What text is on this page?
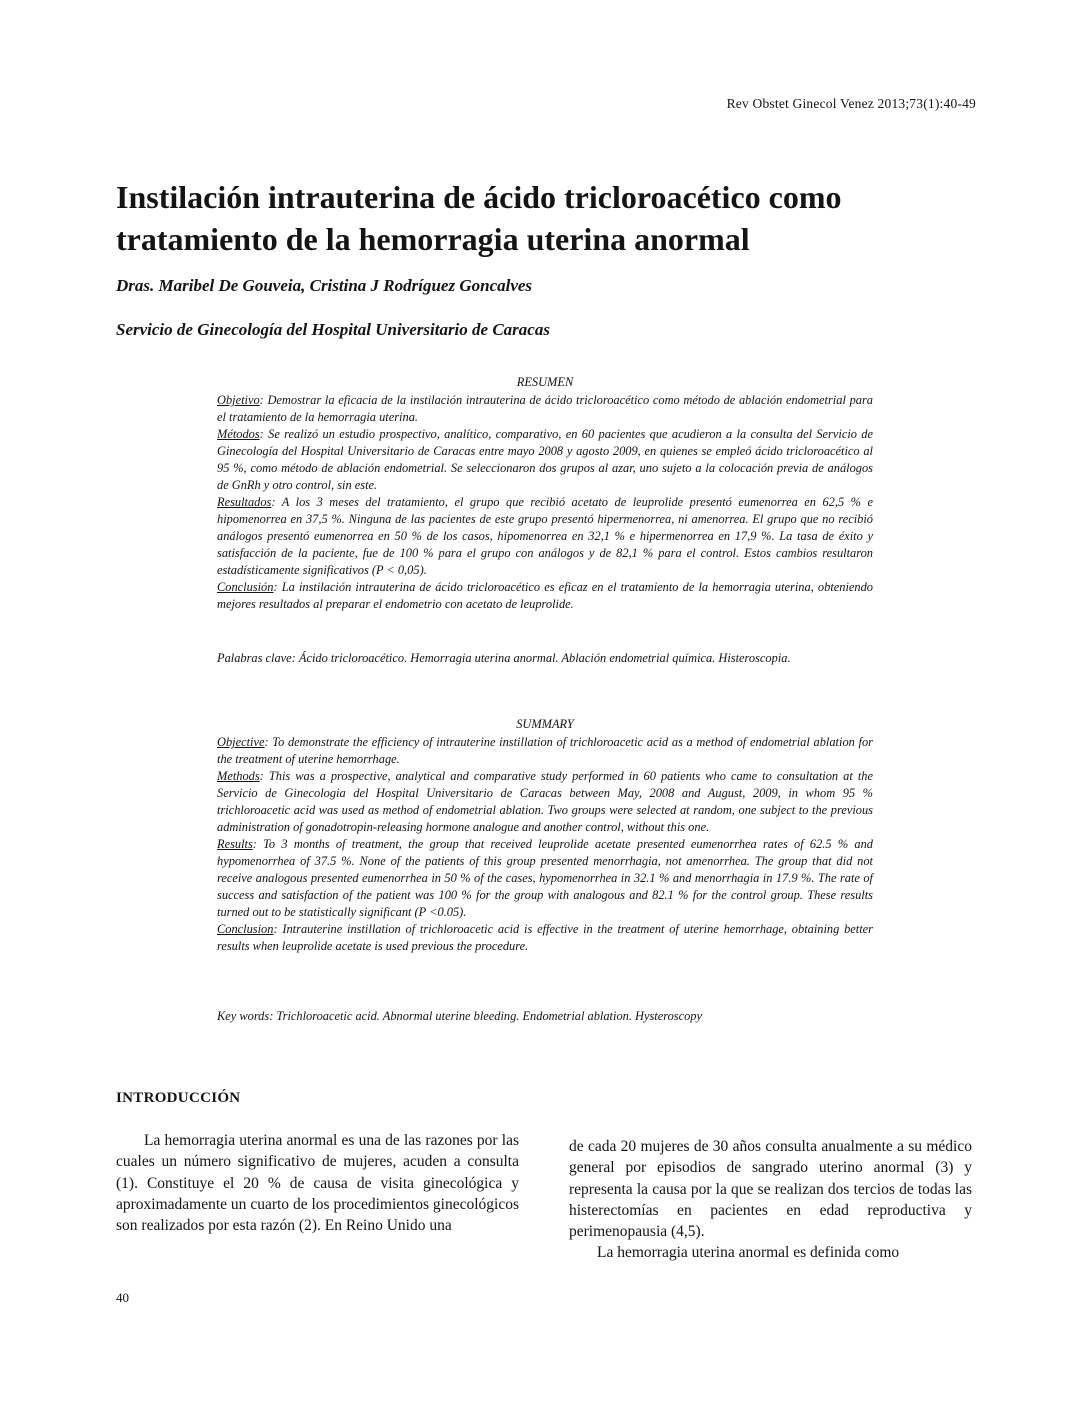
Rev Obstet Ginecol Venez 2013;73(1):40-49
Instilación intrauterina de ácido tricloroacético como tratamiento de la hemorragia uterina anormal
Dras. Maribel De Gouveia, Cristina J Rodríguez Goncalves
Servicio de Ginecología del Hospital Universitario de Caracas
RESUMEN

Objetivo: Demostrar la eficacia de la instilación intrauterina de ácido tricloroacético como método de ablación endometrial para el tratamiento de la hemorragia uterina.

Métodos: Se realizó un estudio prospectivo, analítico, comparativo, en 60 pacientes que acudieron a la consulta del Servicio de Ginecología del Hospital Universitario de Caracas entre mayo 2008 y agosto 2009, en quienes se empleó ácido tricloroacético al 95 %, como método de ablación endometrial. Se seleccionaron dos grupos al azar, uno sujeto a la colocación previa de análogos de GnRh y otro control, sin este.

Resultados: A los 3 meses del tratamiento, el grupo que recibió acetato de leuprolide presentó eumenorrea en 62,5 % e hipomenorrea en 37,5 %. Ninguna de las pacientes de este grupo presentó hipermenorrea, ni amenorrea. El grupo que no recibió análogos presentó eumenorrea en 50 % de los casos, hipomenorrea en 32,1 % e hipermenorrea en 17,9 %. La tasa de éxito y satisfacción de la paciente, fue de 100 % para el grupo con análogos y de 82,1 % para el control. Estos cambios resultaron estadísticamente significativos (P < 0,05).

Conclusión: La instilación intrauterina de ácido tricloroacético es eficaz en el tratamiento de la hemorragia uterina, obteniendo mejores resultados al preparar el endometrio con acetato de leuprolide.

Palabras clave: Ácido tricloroacético. Hemorragia uterina anormal. Ablación endometrial química. Histeroscopia.
SUMMARY

Objective: To demonstrate the efficiency of intrauterine instillation of trichloroacetic acid as a method of endometrial ablation for the treatment of uterine hemorrhage.

Methods: This was a prospective, analytical and comparative study performed in 60 patients who came to consultation at the Servicio de Ginecologia del Hospital Universitario de Caracas between May, 2008 and August, 2009, in whom 95 % trichloroacetic acid was used as method of endometrial ablation. Two groups were selected at random, one subject to the previous administration of gonadotropin-releasing hormone analogue and another control, without this one.

Results: To 3 months of treatment, the group that received leuprolide acetate presented eumenorrhea rates of 62.5 % and hypomenorrhea of 37.5 %. None of the patients of this group presented menorrhagia, not amenorrhea. The group that did not receive analogous presented eumenorrhea in 50 % of the cases, hypomenorrhea in 32.1 % and menorrhagia in 17.9 %. The rate of success and satisfaction of the patient was 100 % for the group with analogous and 82.1 % for the control group. These results turned out to be statistically significant (P <0.05).

Conclusion: Intrauterine instillation of trichloroacetic acid is effective in the treatment of uterine hemorrhage, obtaining better results when leuprolide acetate is used previous the procedure.

Key words: Trichloroacetic acid. Abnormal uterine bleeding. Endometrial ablation. Hysteroscopy
INTRODUCCIÓN

La hemorragia uterina anormal es una de las razones por las cuales un número significativo de mujeres, acuden a consulta (1). Constituye el 20 % de causa de visita ginecológica y aproximadamente un cuarto de los procedimientos ginecológicos son realizados por esta razón (2). En Reino Unido una

de cada 20 mujeres de 30 años consulta anualmente a su médico general por episodios de sangrado uterino anormal (3) y representa la causa por la que se realizan dos tercios de todas las histerectomías en pacientes en edad reproductiva y perimenopausia (4,5).

La hemorragia uterina anormal es definida como

40
